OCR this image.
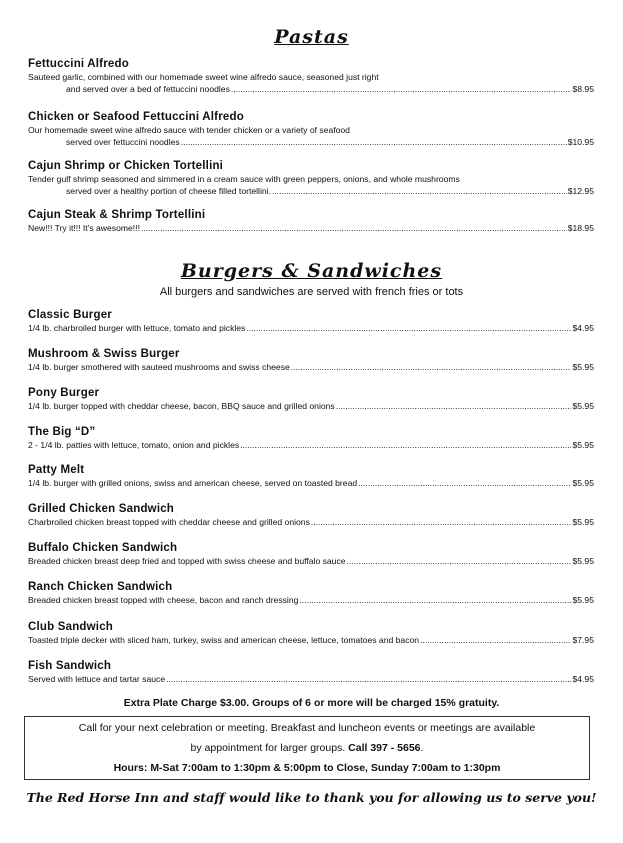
Pastas
Fettuccini Alfredo
Sauteed garlic, combined with our homemade sweet wine alfredo sauce, seasoned just right
and served over a bed of fettuccini noodles .....	$8.95
Chicken or Seafood Fettuccini Alfredo
Our homemade sweet wine alfredo sauce with tender chicken or a variety of seafood
served over fettuccini noodles .....	$10.95
Cajun Shrimp or Chicken Tortellini
Tender gulf shrimp seasoned and simmered in a cream sauce with green peppers, onions, and whole mushrooms
served over a healthy portion of cheese filled tortellini. .....	$12.95
Cajun Steak & Shrimp Tortellini
New!!! Try it!!! It's awesome!!! .....	$18.95
Burgers & Sandwiches
All burgers and sandwiches are served with french fries or tots
Classic Burger
1/4 lb. charbroiled burger with lettuce, tomato and pickles .....	$4.95
Mushroom & Swiss Burger
1/4 lb. burger smothered with sauteed mushrooms and swiss cheese .....	$5.95
Pony Burger
1/4 lb. burger topped with cheddar cheese, bacon, BBQ sauce and grilled onions .....	$5.95
The Big “D”
2 - 1/4 lb. patties with lettuce, tomato, onion and pickles .....	$5.95
Patty Melt
1/4 lb. burger with grilled onions, swiss and american cheese, served on toasted bread .....	$5.95
Grilled Chicken Sandwich
Charbroiled chicken breast topped with cheddar cheese and grilled onions .....	$5.95
Buffalo Chicken Sandwich
Breaded chicken breast deep fried and topped with swiss cheese and buffalo sauce .....	$5.95
Ranch Chicken Sandwich
Breaded chicken breast topped with cheese, bacon and ranch dressing .....	$5.95
Club Sandwich
Toasted triple decker with sliced ham, turkey, swiss and american cheese, lettuce, tomatoes and bacon .....	$7.95
Fish Sandwich
Served with lettuce and tartar sauce .....	$4.95
Extra Plate Charge $3.00. Groups of 6 or more will be charged 15% gratuity.
Call for your next celebration or meeting. Breakfast and luncheon events or meetings are available
by appointment for larger groups. Call 397 - 5656.
Hours: M-Sat 7:00am to 1:30pm & 5:00pm to Close, Sunday 7:00am to 1:30pm
The Red Horse Inn and staff would like to thank you for allowing us to serve you!
